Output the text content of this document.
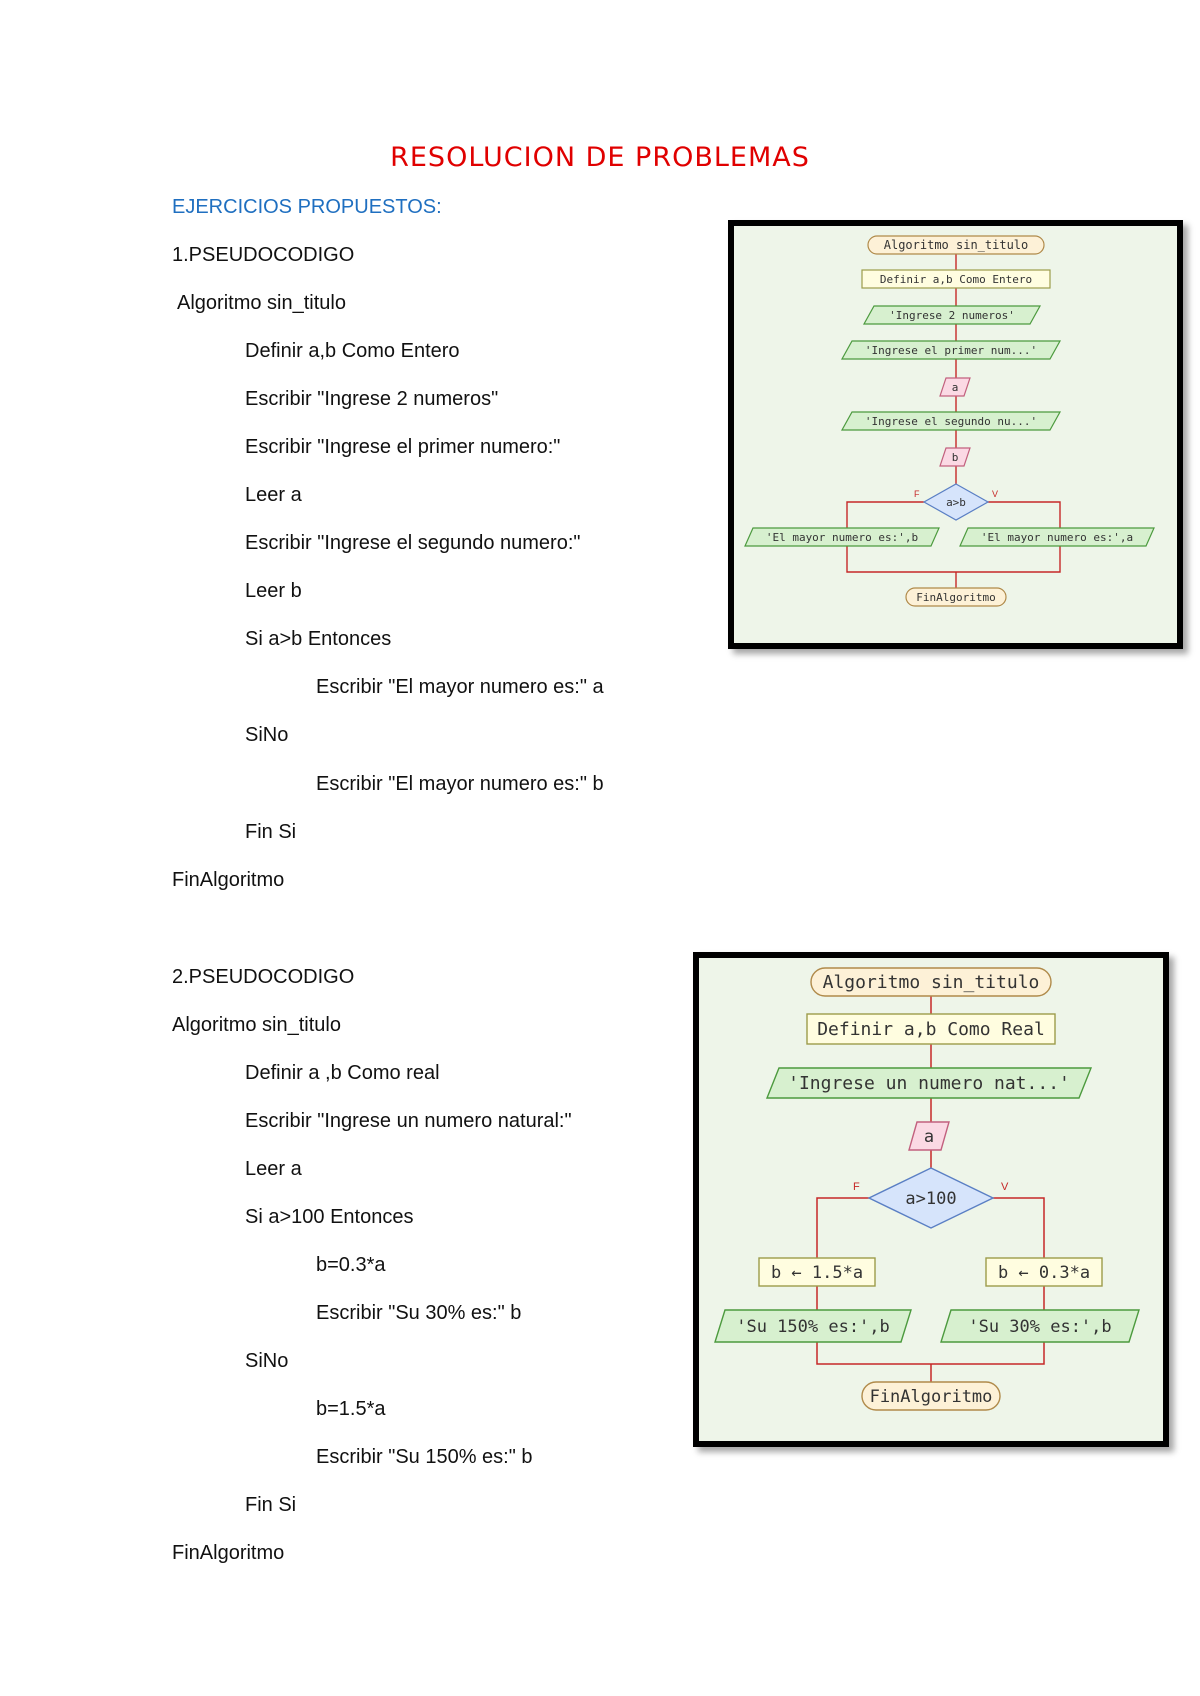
RESOLUCION DE PROBLEMAS
EJERCICIOS PROPUESTOS:
1.PSEUDOCODIGO
Algoritmo sin_titulo
Definir a,b Como Entero
Escribir "Ingrese 2 numeros"
Escribir "Ingrese el primer numero:"
Leer a
Escribir "Ingrese el segundo numero:"
Leer b
Si a>b Entonces
Escribir "El mayor numero es:" a
SiNo
Escribir "El mayor numero es:" b
Fin Si
FinAlgoritmo
Algoritmo sin_titulo
Definir a,b Como Entero
'Ingrese 2 numeros'
'Ingrese el primer num...'
a
'Ingrese el segundo nu...'
b
a>b
F	V
'El mayor numero es:',b	'El mayor numero es:',a
FinAlgoritmo
2.PSEUDOCODIGO
Algoritmo sin_titulo
Definir a ,b Como real
Escribir "Ingrese un numero natural:"
Leer a
Si a>100 Entonces
b=0.3*a
Escribir "Su 30% es:" b
SiNo
b=1.5*a
Escribir "Su 150% es:" b
Fin Si
FinAlgoritmo
Algoritmo sin_titulo
Definir a,b Como Real
'Ingrese un numero nat...'
a
a>100
F	V
b ← 1.5*a	b ← 0.3*a
'Su 150% es:',b	'Su 30% es:',b
FinAlgoritmo
